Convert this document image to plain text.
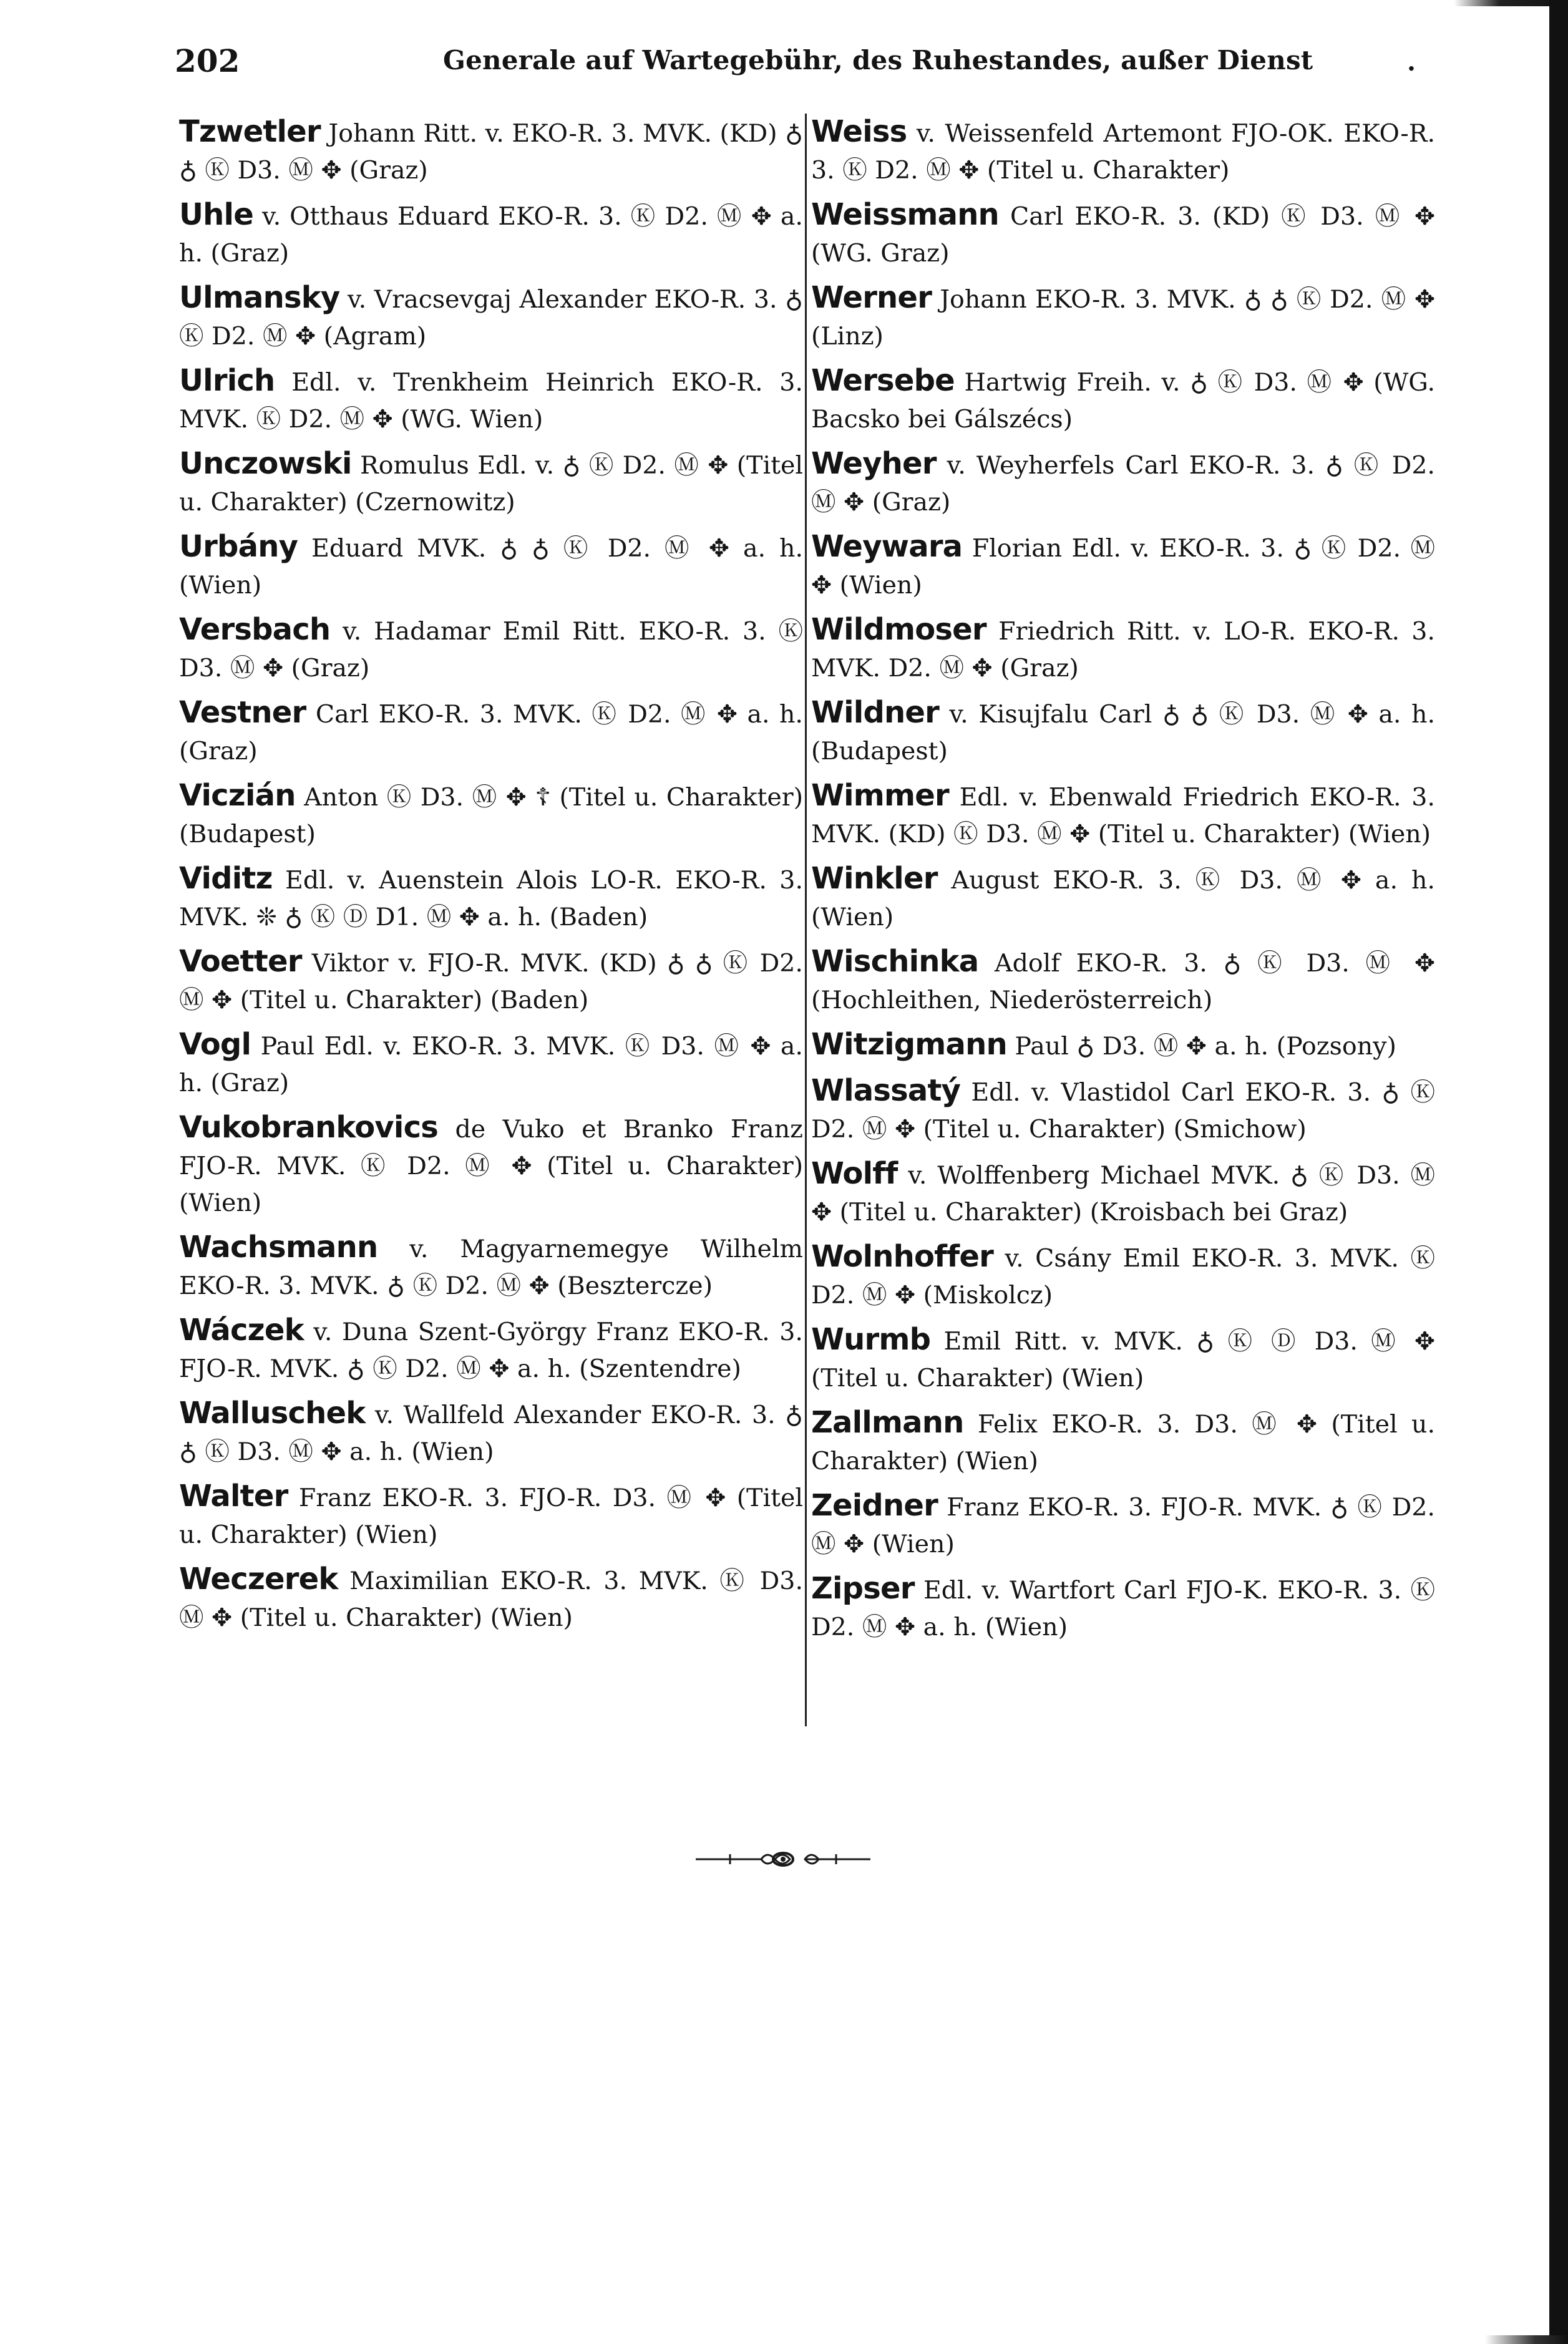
202	Generale auf Wartegebühr, des Ruhestandes, außer Dienst	.

Tzwetler Johann Ritt. v. EKO-R. 3. MVK. (KD) ♁ ♁ Ⓚ D3. Ⓜ ✥ (Graz)

Uhle v. Otthaus Eduard EKO-R. 3. Ⓚ D2. Ⓜ ✥ a. h. (Graz)

Ulmansky v. Vracsevgaj Alexander EKO-R. 3. ♁ Ⓚ D2. Ⓜ ✥ (Agram)

Ulrich Edl. v. Trenkheim Heinrich EKO-R. 3. MVK. Ⓚ D2. Ⓜ ✥ (WG. Wien)

Unczowski Romulus Edl. v. ♁ Ⓚ D2. Ⓜ ✥ (Titel u. Charakter) (Czernowitz)

Urbány Eduard MVK. ♁ ♁ Ⓚ D2. Ⓜ ✥ a. h. (Wien)

Versbach v. Hadamar Emil Ritt. EKO-R. 3. Ⓚ D3. Ⓜ ✥ (Graz)

Vestner Carl EKO-R. 3. MVK. Ⓚ D2. Ⓜ ✥ a. h. (Graz)

Viczián Anton Ⓚ D3. Ⓜ ✥ ☦ (Titel u. Charakter) (Budapest)

Viditz Edl. v. Auenstein Alois LO-R. EKO-R. 3. MVK. ❊ ♁ Ⓚ Ⓓ D1. Ⓜ ✥ a. h. (Baden)

Voetter Viktor v. FJO-R. MVK. (KD) ♁ ♁ Ⓚ D2. Ⓜ ✥ (Titel u. Charakter) (Baden)

Vogl Paul Edl. v. EKO-R. 3. MVK. Ⓚ D3. Ⓜ ✥ a. h. (Graz)

Vukobrankovics de Vuko et Branko Franz FJO-R. MVK. Ⓚ D2. Ⓜ ✥ (Titel u. Charakter) (Wien)

Wachsmann v. Magyarnemegye Wilhelm EKO-R. 3. MVK. ♁ Ⓚ D2. Ⓜ ✥ (Besztercze)

Wáczek v. Duna Szent-György Franz EKO-R. 3. FJO-R. MVK. ♁ Ⓚ D2. Ⓜ ✥ a. h. (Szentendre)

Walluschek v. Wallfeld Alexander EKO-R. 3. ♁ ♁ Ⓚ D3. Ⓜ ✥ a. h. (Wien)

Walter Franz EKO-R. 3. FJO-R. D3. Ⓜ ✥ (Titel u. Charakter) (Wien)

Weczerek Maximilian EKO-R. 3. MVK. Ⓚ D3. Ⓜ ✥ (Titel u. Charakter) (Wien)

Weiss v. Weissenfeld Artemont FJO-OK. EKO-R. 3. Ⓚ D2. Ⓜ ✥ (Titel u. Charakter)

Weissmann Carl EKO-R. 3. (KD) Ⓚ D3. Ⓜ ✥ (WG. Graz)

Werner Johann EKO-R. 3. MVK. ♁ ♁ Ⓚ D2. Ⓜ ✥ (Linz)

Wersebe Hartwig Freih. v. ♁ Ⓚ D3. Ⓜ ✥ (WG. Bacsko bei Gálszécs)

Weyher v. Weyherfels Carl EKO-R. 3. ♁ Ⓚ D2. Ⓜ ✥ (Graz)

Weywara Florian Edl. v. EKO-R. 3. ♁ Ⓚ D2. Ⓜ ✥ (Wien)

Wildmoser Friedrich Ritt. v. LO-R. EKO-R. 3. MVK. D2. Ⓜ ✥ (Graz)

Wildner v. Kisujfalu Carl ♁ ♁ Ⓚ D3. Ⓜ ✥ a. h. (Budapest)

Wimmer Edl. v. Ebenwald Friedrich EKO-R. 3. MVK. (KD) Ⓚ D3. Ⓜ ✥ (Titel u. Charakter) (Wien)

Winkler August EKO-R. 3. Ⓚ D3. Ⓜ ✥ a. h. (Wien)

Wischinka Adolf EKO-R. 3. ♁ Ⓚ D3. Ⓜ ✥ (Hochleithen, Niederösterreich)

Witzigmann Paul ♁ D3. Ⓜ ✥ a. h. (Pozsony)

Wlassatý Edl. v. Vlastidol Carl EKO-R. 3. ♁ Ⓚ D2. Ⓜ ✥ (Titel u. Charakter) (Smichow)

Wolff v. Wolffenberg Michael MVK. ♁ Ⓚ D3. Ⓜ ✥ (Titel u. Charakter) (Kroisbach bei Graz)

Wolnhoffer v. Csány Emil EKO-R. 3. MVK. Ⓚ D2. Ⓜ ✥ (Miskolcz)

Wurmb Emil Ritt. v. MVK. ♁ Ⓚ Ⓓ D3. Ⓜ ✥ (Titel u. Charakter) (Wien)

Zallmann Felix EKO-R. 3. D3. Ⓜ ✥ (Titel u. Charakter) (Wien)

Zeidner Franz EKO-R. 3. FJO-R. MVK. ♁ Ⓚ D2. Ⓜ ✥ (Wien)

Zipser Edl. v. Wartfort Carl FJO-K. EKO-R. 3. Ⓚ D2. Ⓜ ✥ a. h. (Wien)
